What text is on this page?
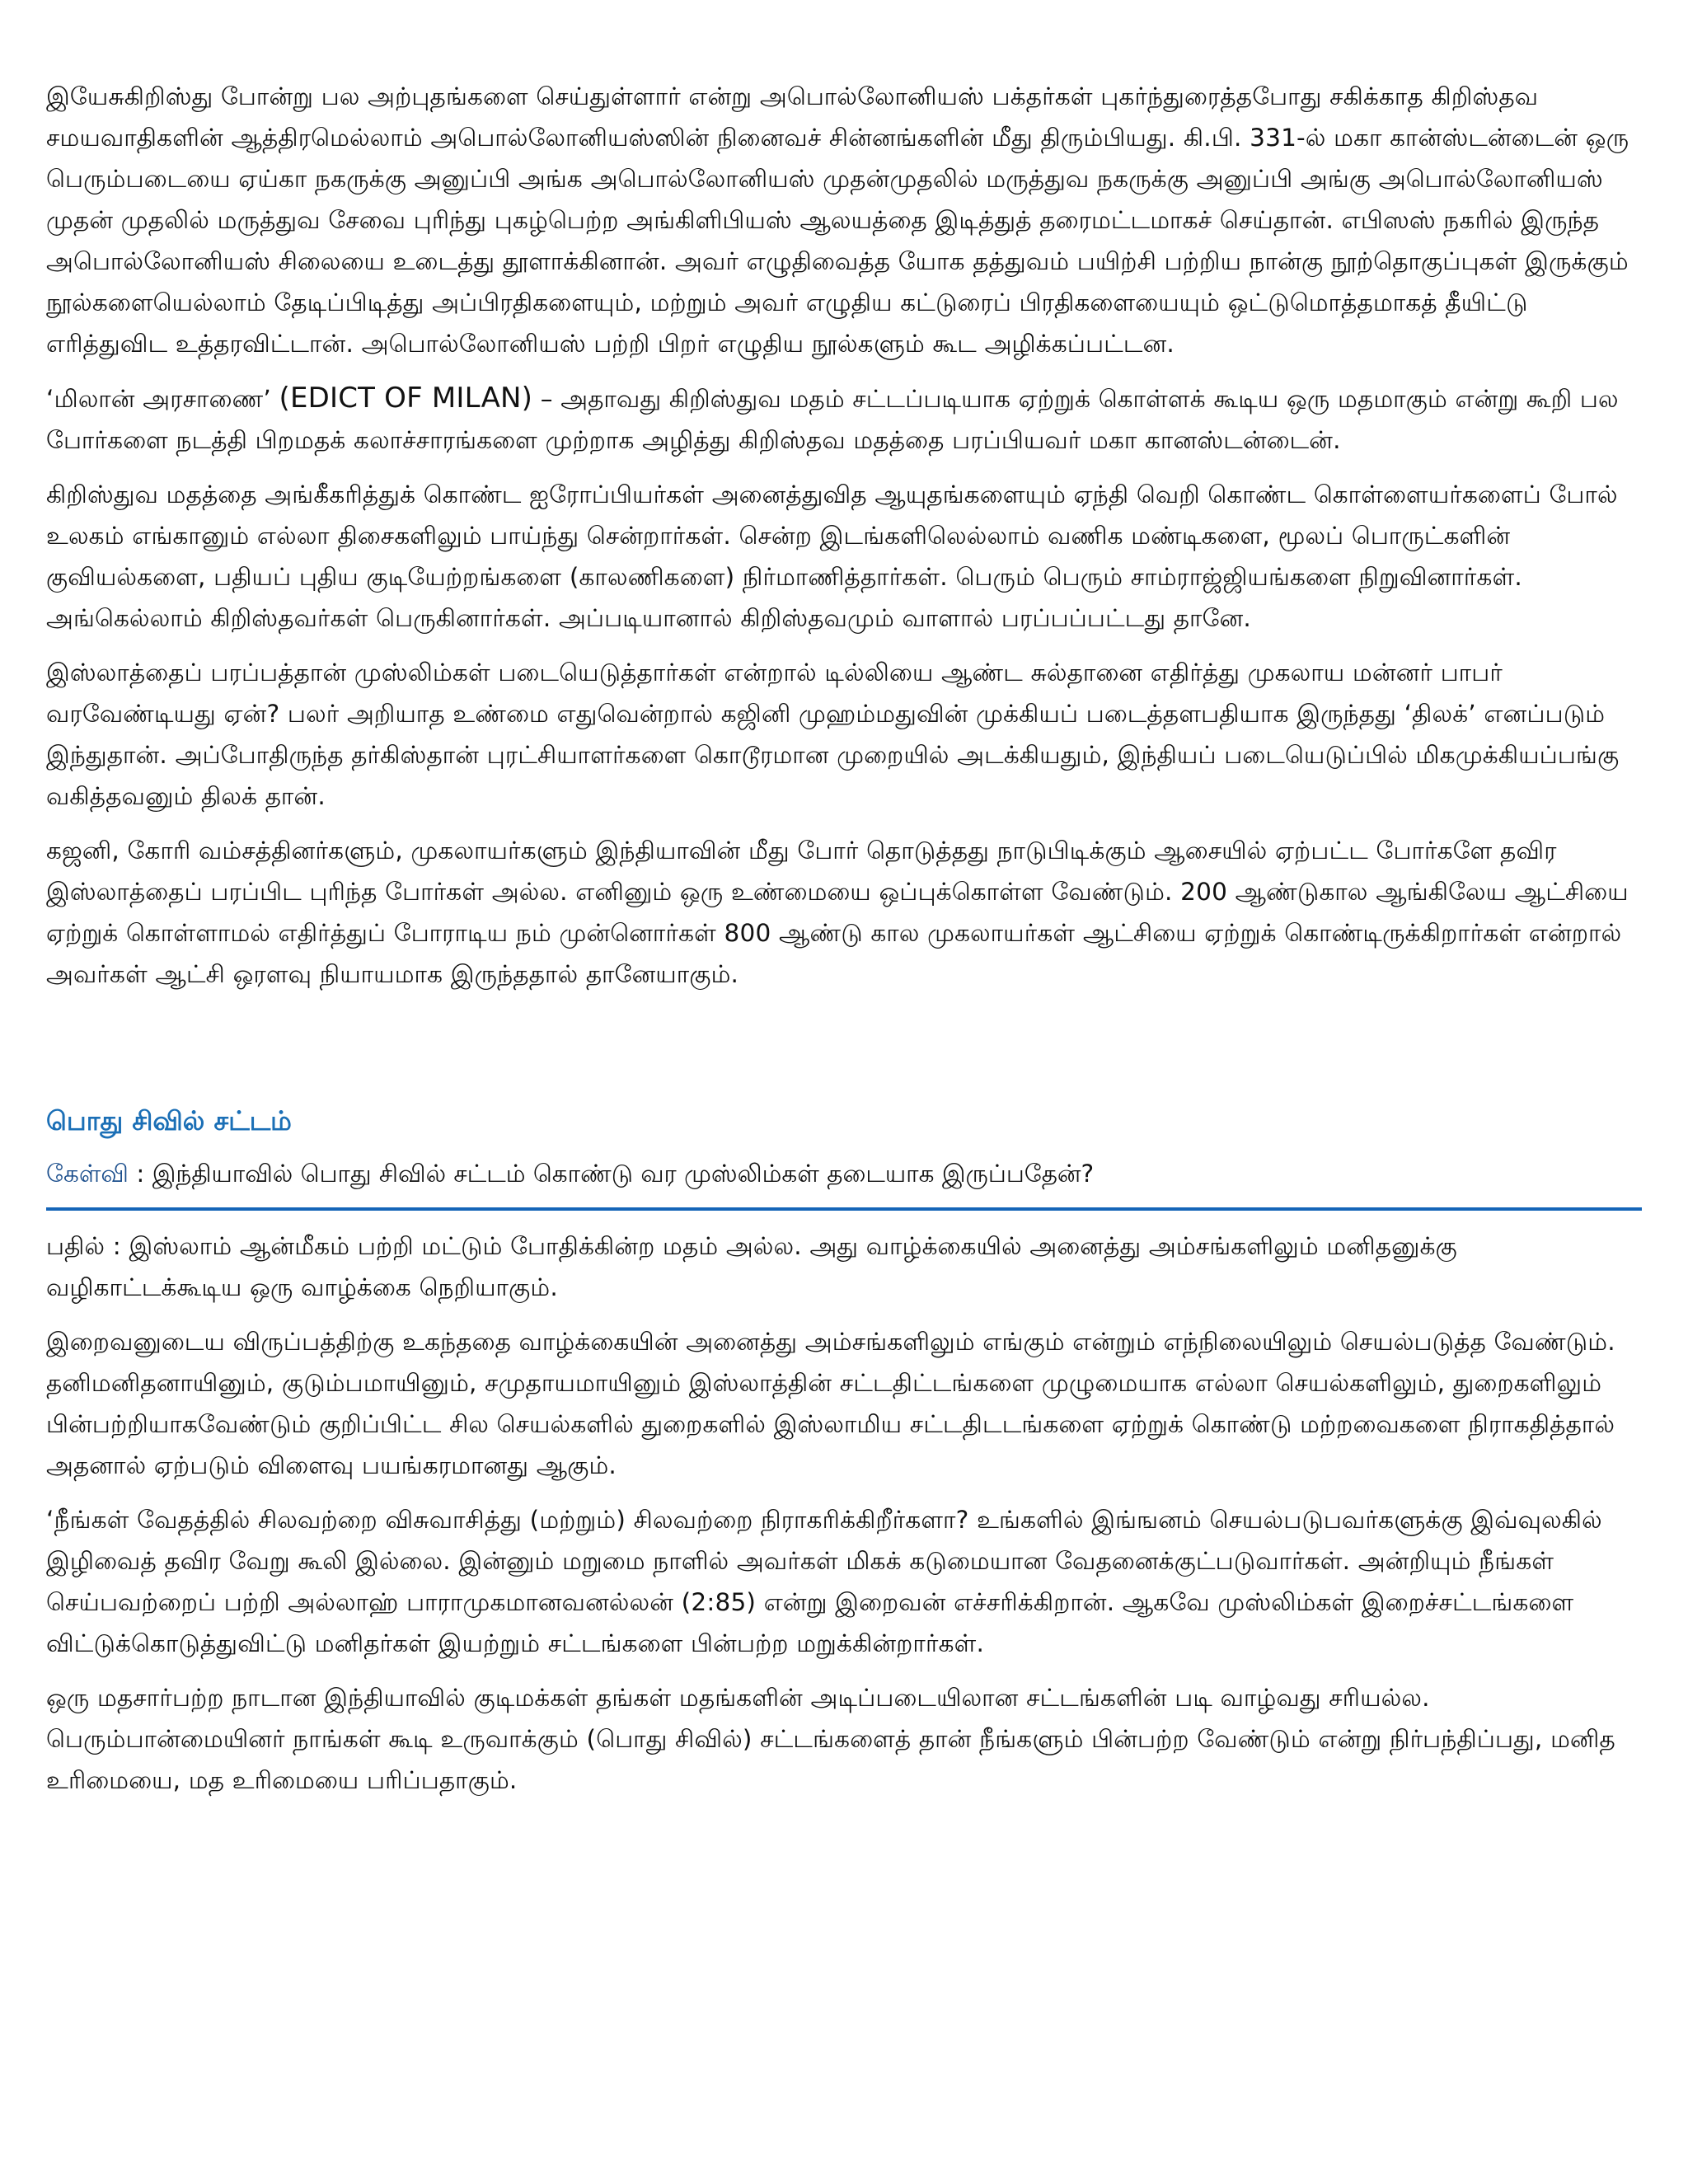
இயேசுகிறிஸ்து போன்று பல அற்புதங்களை செய்துள்ளார் என்று அபொல்லோனியஸ் பக்தர்கள் புகர்ந்துரைத்தபோது சகிக்காத கிறிஸ்தவ சமயவாதிகளின் ஆத்திரமெல்லாம் அபொல்லோனியஸ்ஸின் நினைவச் சின்னங்களின் மீது திரும்பியது. கி.பி. 331-ல் மகா கான்ஸ்டன்டைன் ஒரு பெரும்படையை ஏய்கா நகருக்கு அனுப்பி அங்க அபொல்லோனியஸ் முதன்முதலில் மருத்துவ நகருக்கு அனுப்பி அங்கு அபொல்லோனியஸ் முதன் முதலில் மருத்துவ சேவை புரிந்து புகழ்பெற்ற அங்கிளிபியஸ் ஆலயத்தை இடித்துத் தரைமட்டமாகச் செய்தான். எபிஸஸ் நகரில் இருந்த அபொல்லோனியஸ் சிலையை உடைத்து தூளாக்கினான். அவர் எழுதிவைத்த யோக தத்துவம் பயிற்சி பற்றிய நான்கு நூற்தொகுப்புகள் இருக்கும் நூல்களையெல்லாம் தேடிப்பிடித்து அப்பிரதிகளையும், மற்றும் அவர் எழுதிய கட்டுரைப் பிரதிகளையையும் ஒட்டுமொத்தமாகத் தீயிட்டு எரித்துவிட உத்தரவிட்டான். அபொல்லோனியஸ் பற்றி பிறர் எழுதிய நூல்களும் கூட அழிக்கப்பட்டன.

‘மிலான் அரசாணை’ (EDICT OF MILAN) – அதாவது கிறிஸ்துவ மதம் சட்டப்படியாக ஏற்றுக் கொள்ளக் கூடிய ஒரு மதமாகும் என்று கூறி பல போர்களை நடத்தி பிறமதக் கலாச்சாரங்களை முற்றாக அழித்து கிறிஸ்தவ மதத்தை பரப்பியவர் மகா கானஸ்டன்டைன்.

கிறிஸ்துவ மதத்தை அங்கீகரித்துக் கொண்ட ஐரோப்பியர்கள் அனைத்துவித ஆயுதங்களையும் ஏந்தி வெறி கொண்ட கொள்ளையர்களைப் போல் உலகம் எங்கானும் எல்லா திசைகளிலும் பாய்ந்து சென்றார்கள். சென்ற இடங்களிலெல்லாம் வணிக மண்டிகளை, மூலப் பொருட்களின் குவியல்களை, பதியப் புதிய குடியேற்றங்களை (காலணிகளை) நிர்மாணித்தார்கள். பெரும் பெரும் சாம்ராஜ்ஜியங்களை நிறுவினார்கள். அங்கெல்லாம் கிறிஸ்தவர்கள் பெருகினார்கள். அப்படியானால் கிறிஸ்தவமும் வாளால் பரப்பப்பட்டது தானே.

இஸ்லாத்தைப் பரப்பத்தான் முஸ்லிம்கள் படையெடுத்தார்கள் என்றால் டில்லியை ஆண்ட சுல்தானை எதிர்த்து முகலாய மன்னர் பாபர் வரவேண்டியது ஏன்? பலர் அறியாத உண்மை எதுவென்றால் கஜினி முஹம்மதுவின் முக்கியப் படைத்தளபதியாக இருந்தது ‘திலக்’ எனப்படும் இந்துதான். அப்போதிருந்த தர்கிஸ்தான் புரட்சியாளர்களை கொடூரமான முறையில் அடக்கியதும், இந்தியப் படையெடுப்பில் மிகமுக்கியப்பங்கு வகித்தவனும் திலக் தான்.

கஜனி, கோரி வம்சத்தினர்களும், முகலாயர்களும் இந்தியாவின் மீது போர் தொடுத்தது நாடுபிடிக்கும் ஆசையில் ஏற்பட்ட போர்களே தவிர இஸ்லாத்தைப் பரப்பிட புரிந்த போர்கள் அல்ல. எனினும் ஒரு உண்மையை ஒப்புக்கொள்ள வேண்டும். 200 ஆண்டுகால ஆங்கிலேய ஆட்சியை ஏற்றுக் கொள்ளாமல் எதிர்த்துப் போராடிய நம் முன்னொர்கள் 800 ஆண்டு கால முகலாயர்கள் ஆட்சியை ஏற்றுக் கொண்டிருக்கிறார்கள் என்றால் அவர்கள் ஆட்சி ஒரளவு நியாயமாக இருந்ததால் தானேயாகும்.

பொது சிவில் சட்டம்

கேள்வி : இந்தியாவில் பொது சிவில் சட்டம் கொண்டு வர முஸ்லிம்கள் தடையாக இருப்பதேன்?

பதில் : இஸ்லாம் ஆன்மீகம் பற்றி மட்டும் போதிக்கின்ற மதம் அல்ல. அது வாழ்க்கையில் அனைத்து அம்சங்களிலும் மனிதனுக்கு வழிகாட்டக்கூடிய ஒரு வாழ்க்கை நெறியாகும்.

இறைவனுடைய விருப்பத்திற்கு உகந்ததை வாழ்க்கையின் அனைத்து அம்சங்களிலும் எங்கும் என்றும் எந்நிலையிலும் செயல்படுத்த வேண்டும். தனிமனிதனாயினும், குடும்பமாயினும், சமுதாயமாயினும் இஸ்லாத்தின் சட்டதிட்டங்களை முழுமையாக எல்லா செயல்களிலும், துறைகளிலும் பின்பற்றியாகவேண்டும் குறிப்பிட்ட சில செயல்களில் துறைகளில் இஸ்லாமிய சட்டதிடடங்களை ஏற்றுக் கொண்டு மற்றவைகளை நிராகதித்தால் அதனால் ஏற்படும் விளைவு பயங்கரமானது ஆகும்.

‘நீங்கள் வேதத்தில் சிலவற்றை விசுவாசித்து (மற்றும்) சிலவற்றை நிராகரிக்கிறீர்களா? உங்களில் இங்ஙனம் செயல்படுபவர்களுக்கு இவ்வுலகில் இழிவைத் தவிர வேறு கூலி இல்லை. இன்னும் மறுமை நாளில் அவர்கள் மிகக் கடுமையான வேதனைக்குட்படுவார்கள். அன்றியும் நீங்கள் செய்பவற்றைப் பற்றி அல்லாஹ் பாராமுகமானவனல்லன் (2:85) என்று இறைவன் எச்சரிக்கிறான். ஆகவே முஸ்லிம்கள் இறைச்சட்டங்களை விட்டுக்கொடுத்துவிட்டு மனிதர்கள் இயற்றும் சட்டங்களை பின்பற்ற மறுக்கின்றார்கள்.

ஒரு மதசார்பற்ற நாடான இந்தியாவில் குடிமக்கள் தங்கள் மதங்களின் அடிப்படையிலான சட்டங்களின் படி வாழ்வது சரியல்ல. பெரும்பான்மையினர் நாங்கள் கூடி உருவாக்கும் (பொது சிவில்) சட்டங்களைத் தான் நீங்களும் பின்பற்ற வேண்டும் என்று நிர்பந்திப்பது, மனித உரிமையை, மத உரிமையை பரிப்பதாகும்.
